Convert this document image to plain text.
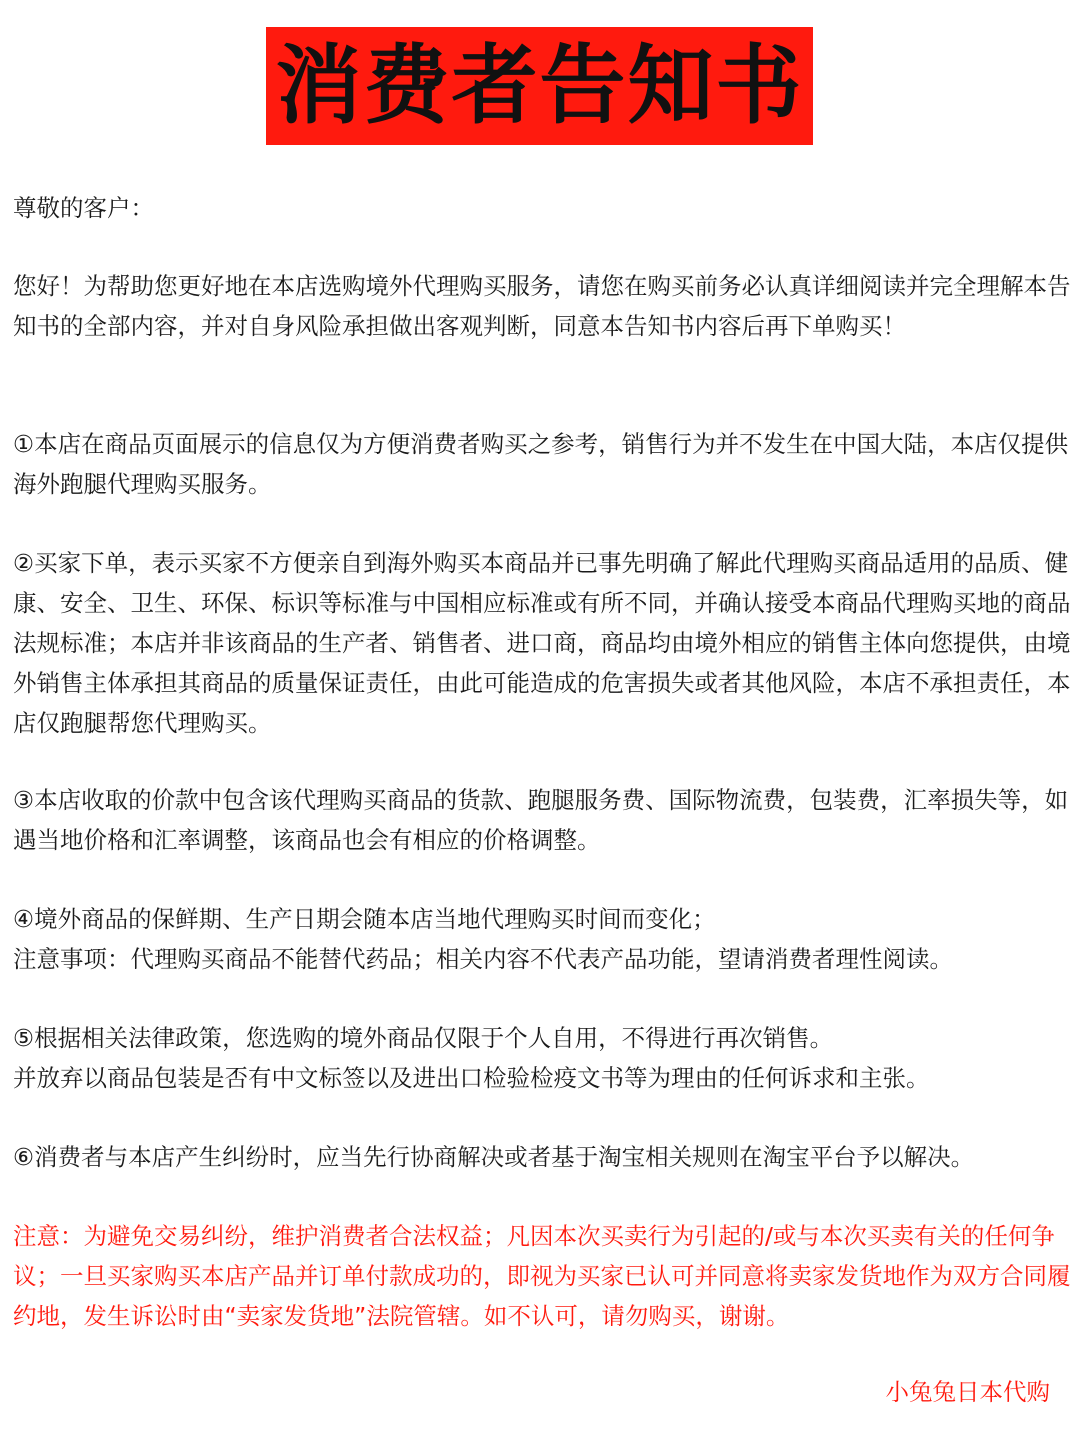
消费者告知书

尊敬的客户：

您好！为帮助您更好地在本店选购境外代理购买服务，请您在购买前务必认真详细阅读并完全理解本告知书的全部内容，并对自身风险承担做出客观判断，同意本告知书内容后再下单购买！

①本店在商品页面展示的信息仅为方便消费者购买之参考，销售行为并不发生在中国大陆，本店仅提供海外跑腿代理购买服务。

②买家下单，表示买家不方便亲自到海外购买本商品并已事先明确了解此代理购买商品适用的品质、健康、安全、卫生、环保、标识等标准与中国相应标准或有所不同，并确认接受本商品代理购买地的商品法规标准；本店并非该商品的生产者、销售者、进口商，商品均由境外相应的销售主体向您提供，由境外销售主体承担其商品的质量保证责任，由此可能造成的危害损失或者其他风险，本店不承担责任，本店仅跑腿帮您代理购买。

③本店收取的价款中包含该代理购买商品的货款、跑腿服务费、国际物流费，包装费，汇率损失等，如遇当地价格和汇率调整，该商品也会有相应的价格调整。

④境外商品的保鲜期、生产日期会随本店当地代理购买时间而变化；

注意事项：代理购买商品不能替代药品；相关内容不代表产品功能，望请消费者理性阅读。

⑤根据相关法律政策，您选购的境外商品仅限于个人自用，不得进行再次销售。

并放弃以商品包装是否有中文标签以及进出口检验检疫文书等为理由的任何诉求和主张。

⑥消费者与本店产生纠纷时，应当先行协商解决或者基于淘宝相关规则在淘宝平台予以解决。

注意：为避免交易纠纷，维护消费者合法权益；凡因本次买卖行为引起的/或与本次买卖有关的任何争议；一旦买家购买本店产品并订单付款成功的，即视为买家已认可并同意将卖家发货地作为双方合同履约地，发生诉讼时由“卖家发货地”法院管辖。如不认可，请勿购买，谢谢。

小兔兔日本代购
